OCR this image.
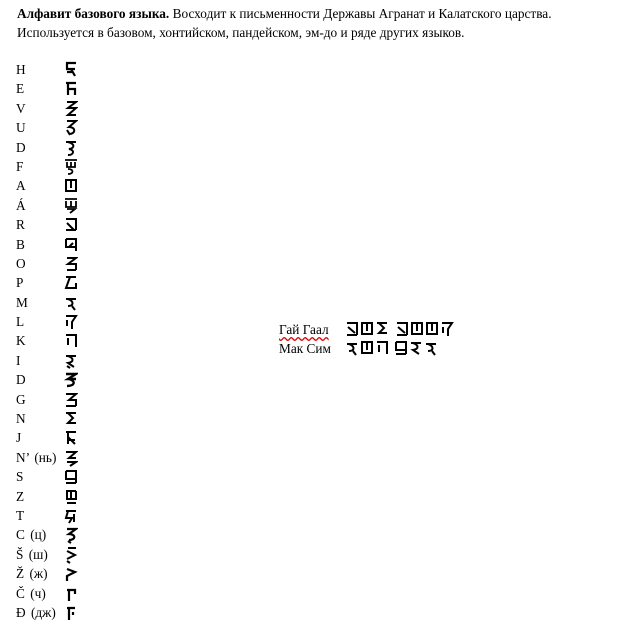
Алфавит базового языка. Восходит к письменности Державы Агранат и Калатского царства. Используется в базовом, хонтийском, пандейском, эм-до и ряде других языков.
H
E
V
U
D
F
A
Á
R
B
O
P
M
L
K
I
D
G
N
J
N’ (нь)
S
Z
T
C (ц)
Š (ш)
Ž (ж)
Č (ч)
Đ (дж)
Гай Гаал
Мак Сим
